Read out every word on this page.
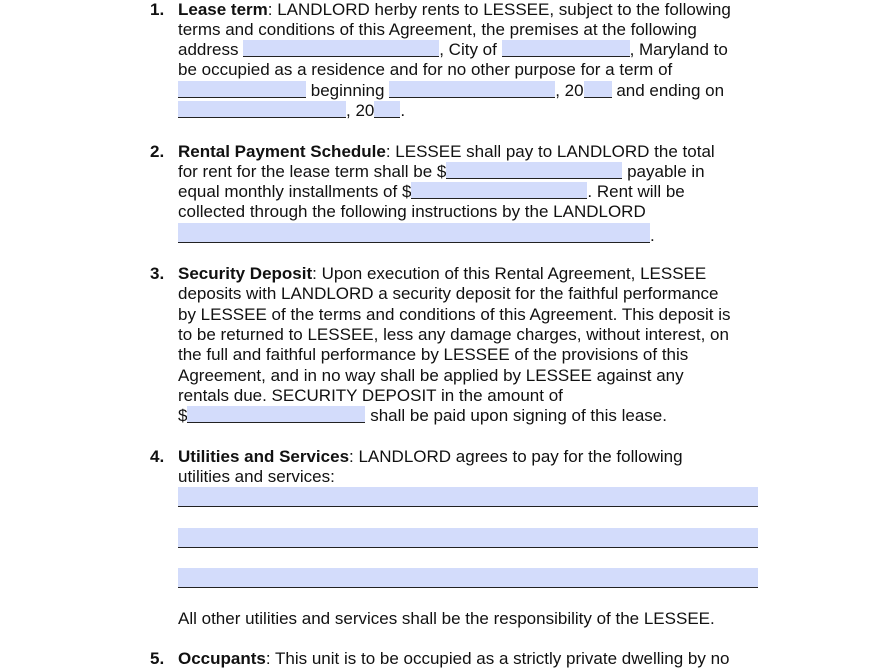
1. Lease term: LANDLORD herby rents to LESSEE, subject to the following
terms and conditions of this Agreement, the premises at the following
address	, City of	, Maryland to
be occupied as a residence and for no other purpose for a term of
beginning	, 20 and ending on
, 20 .
2. Rental Payment Schedule: LESSEE shall pay to LANDLORD the total
for rent for the lease term shall be $	payable in
equal monthly installments of $	. Rent will be
collected through the following instructions by the LANDLORD
.
3. Security Deposit: Upon execution of this Rental Agreement, LESSEE
deposits with LANDLORD a security deposit for the faithful performance
by LESSEE of the terms and conditions of this Agreement. This deposit is
to be returned to LESSEE, less any damage charges, without interest, on
the full and faithful performance by LESSEE of the provisions of this
Agreement, and in no way shall be applied by LESSEE against any
rentals due. SECURITY DEPOSIT in the amount of
$	shall be paid upon signing of this lease.
4. Utilities and Services: LANDLORD agrees to pay for the following
utilities and services:
All other utilities and services shall be the responsibility of the LESSEE.
5. Occupants: This unit is to be occupied as a strictly private dwelling by no
